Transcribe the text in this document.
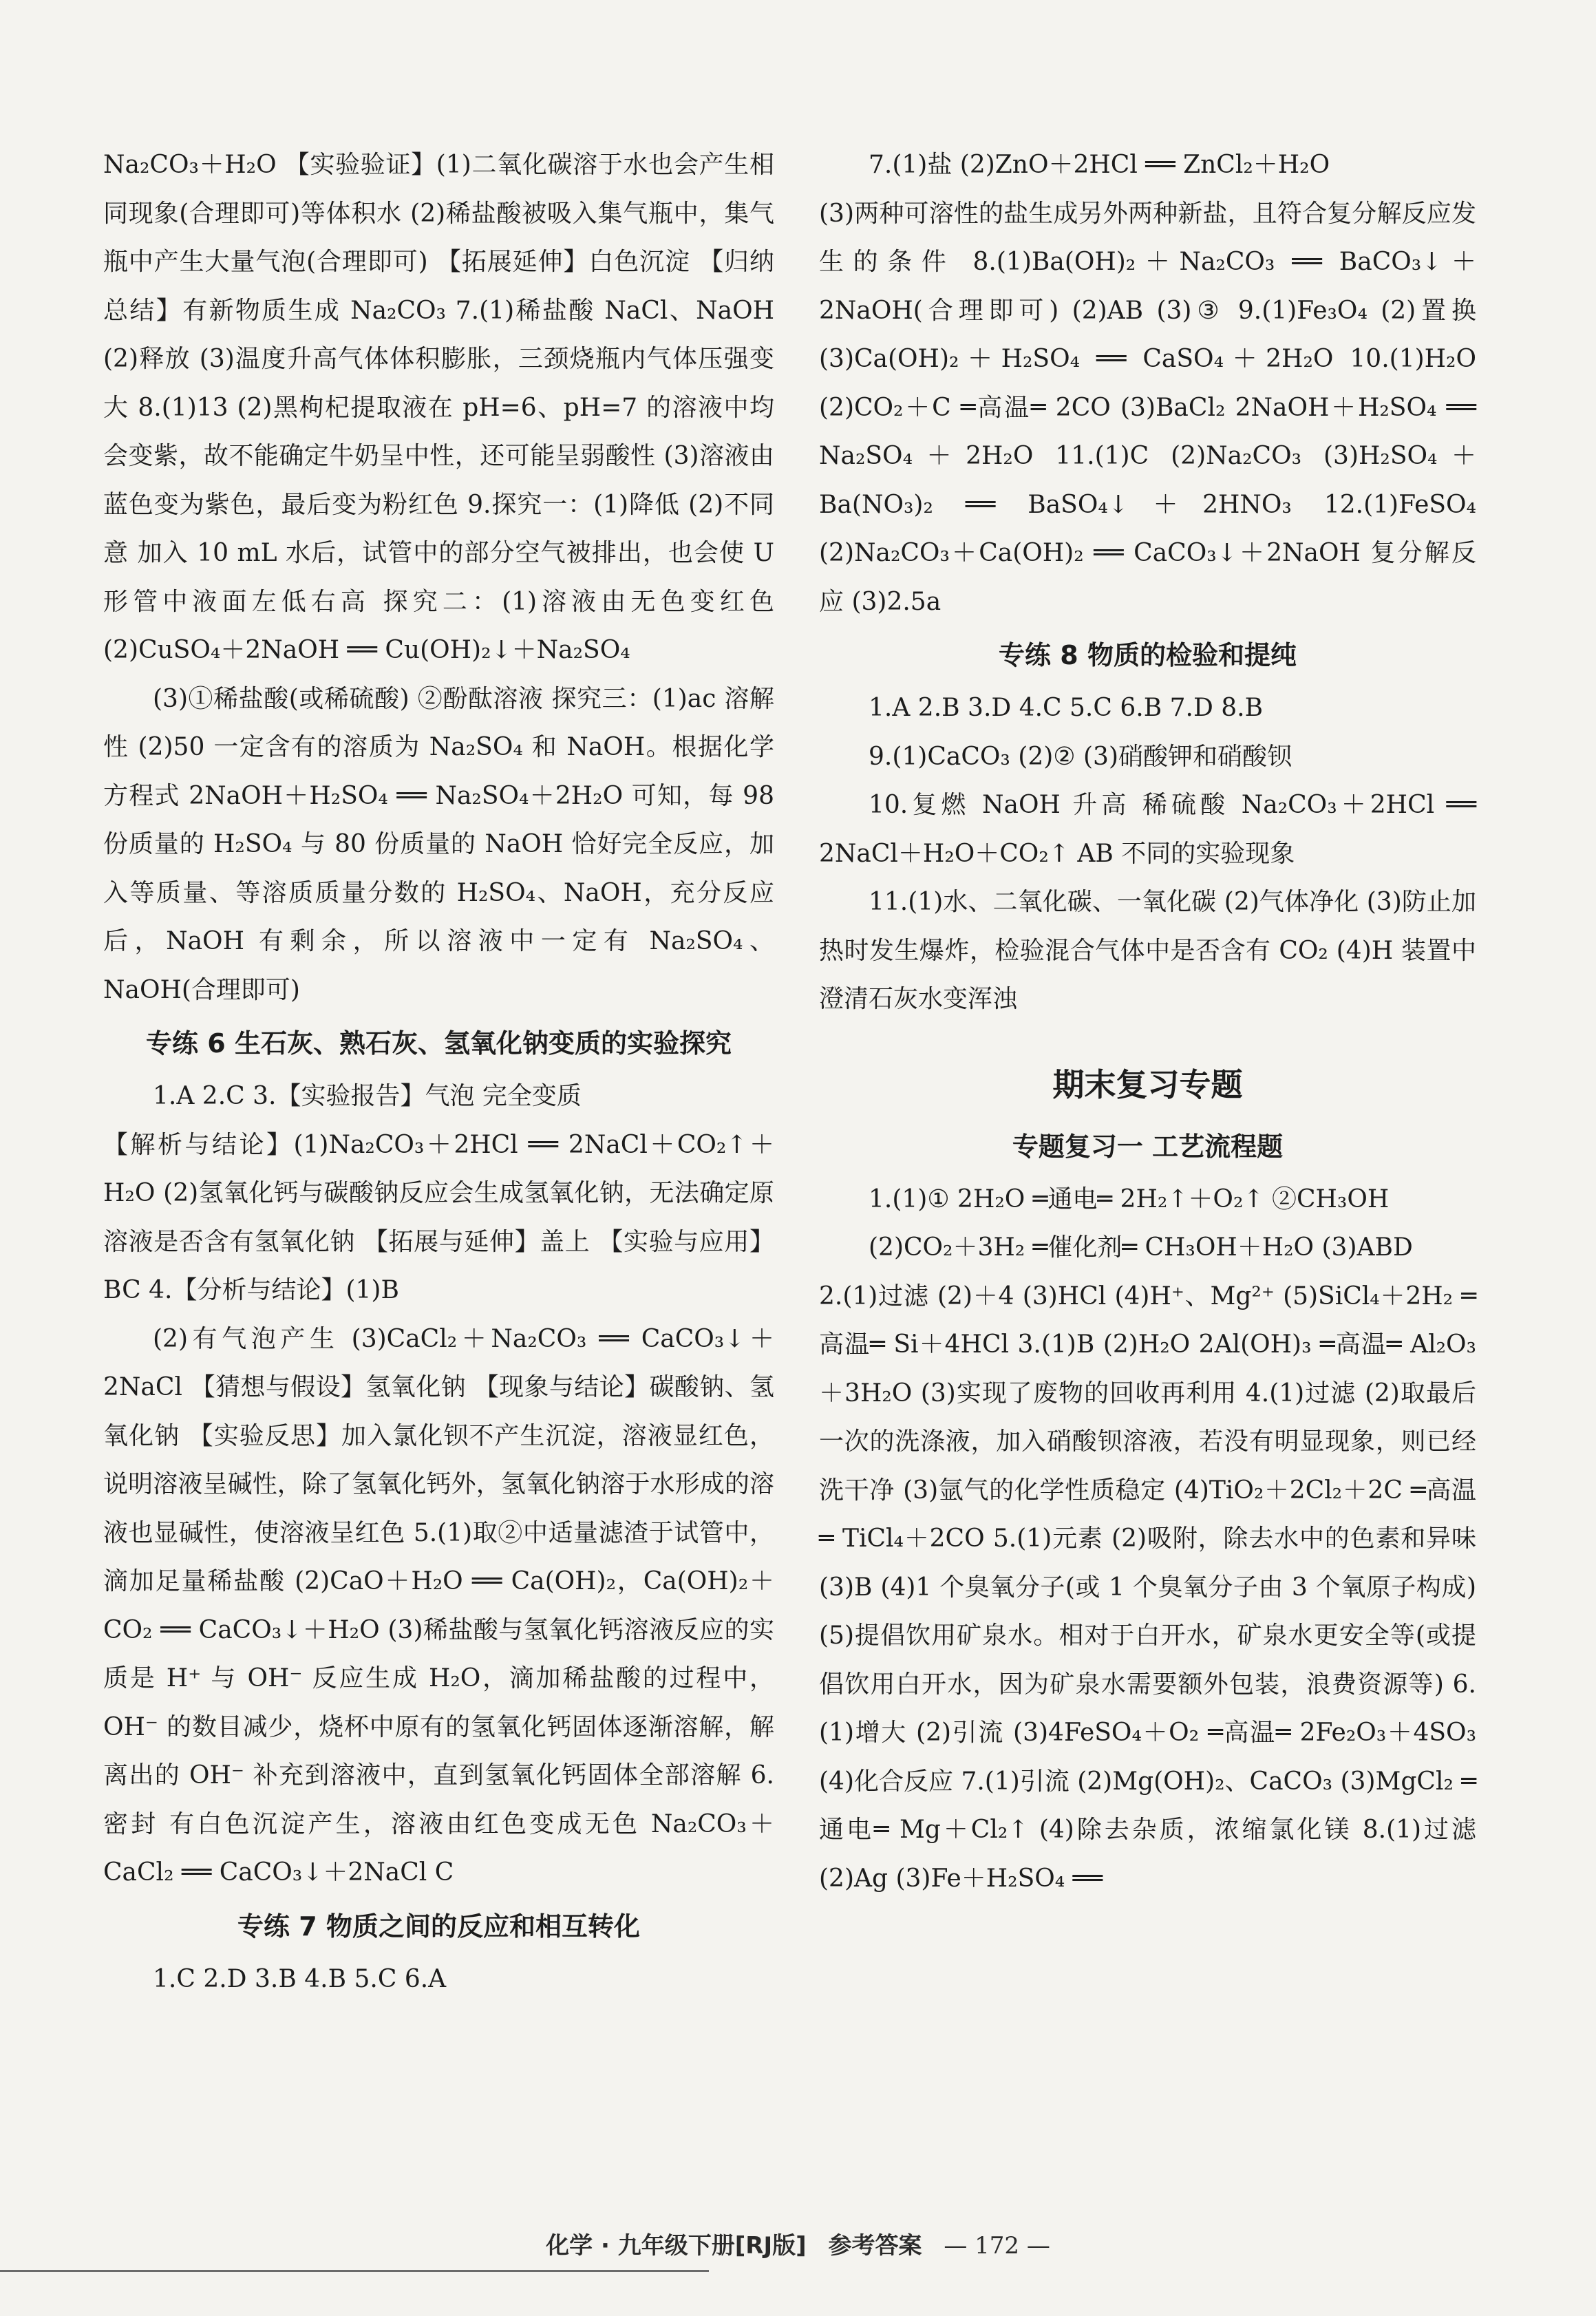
Na₂CO₃＋H₂O 【实验验证】(1)二氧化碳溶于水也会产生相同现象(合理即可)等体积水 (2)稀盐酸被吸入集气瓶中，集气瓶中产生大量气泡(合理即可) 【拓展延伸】白色沉淀 【归纳总结】有新物质生成 Na₂CO₃ 7.(1)稀盐酸 NaCl、NaOH (2)释放 (3)温度升高气体体积膨胀，三颈烧瓶内气体压强变大 8.(1)13 (2)黑枸杞提取液在 pH=6、pH=7 的溶液中均会变紫，故不能确定牛奶呈中性，还可能呈弱酸性 (3)溶液由蓝色变为紫色，最后变为粉红色 9.探究一：(1)降低 (2)不同意 加入 10 mL 水后，试管中的部分空气被排出，也会使 U 形管中液面左低右高 探究二：(1)溶液由无色变红色 (2)CuSO₄＋2NaOH ══ Cu(OH)₂↓＋Na₂SO₄

(3)①稀盐酸(或稀硫酸) ②酚酞溶液 探究三：(1)ac 溶解性 (2)50 一定含有的溶质为 Na₂SO₄ 和 NaOH。根据化学方程式 2NaOH＋H₂SO₄ ══ Na₂SO₄＋2H₂O 可知，每 98 份质量的 H₂SO₄ 与 80 份质量的 NaOH 恰好完全反应，加入等质量、等溶质质量分数的 H₂SO₄、NaOH，充分反应后，NaOH 有剩余，所以溶液中一定有 Na₂SO₄、NaOH(合理即可)

专练 6 生石灰、熟石灰、氢氧化钠变质的实验探究

1.A 2.C 3.【实验报告】气泡 完全变质

【解析与结论】(1)Na₂CO₃＋2HCl ══ 2NaCl＋CO₂↑＋H₂O (2)氢氧化钙与碳酸钠反应会生成氢氧化钠，无法确定原溶液是否含有氢氧化钠 【拓展与延伸】盖上 【实验与应用】BC 4.【分析与结论】(1)B

(2)有气泡产生 (3)CaCl₂＋Na₂CO₃ ══ CaCO₃↓＋2NaCl 【猜想与假设】氢氧化钠 【现象与结论】碳酸钠、氢氧化钠 【实验反思】加入氯化钡不产生沉淀，溶液显红色，说明溶液呈碱性，除了氢氧化钙外，氢氧化钠溶于水形成的溶液也显碱性，使溶液呈红色 5.(1)取②中适量滤渣于试管中，滴加足量稀盐酸 (2)CaO＋H₂O ══ Ca(OH)₂，Ca(OH)₂＋CO₂ ══ CaCO₃↓＋H₂O (3)稀盐酸与氢氧化钙溶液反应的实质是 H⁺ 与 OH⁻ 反应生成 H₂O，滴加稀盐酸的过程中，OH⁻ 的数目减少，烧杯中原有的氢氧化钙固体逐渐溶解，解离出的 OH⁻ 补充到溶液中，直到氢氧化钙固体全部溶解 6.密封 有白色沉淀产生，溶液由红色变成无色 Na₂CO₃＋CaCl₂ ══ CaCO₃↓＋2NaCl C

专练 7 物质之间的反应和相互转化

1.C 2.D 3.B 4.B 5.C 6.A

7.(1)盐 (2)ZnO＋2HCl ══ ZnCl₂＋H₂O

(3)两种可溶性的盐生成另外两种新盐，且符合复分解反应发生的条件 8.(1)Ba(OH)₂＋Na₂CO₃ ══ BaCO₃↓＋2NaOH(合理即可) (2)AB (3)③ 9.(1)Fe₃O₄ (2)置换 (3)Ca(OH)₂＋H₂SO₄ ══ CaSO₄＋2H₂O 10.(1)H₂O (2)CO₂＋C ═高温═ 2CO (3)BaCl₂ 2NaOH＋H₂SO₄ ══ Na₂SO₄＋2H₂O 11.(1)C (2)Na₂CO₃ (3)H₂SO₄＋Ba(NO₃)₂ ══ BaSO₄↓＋2HNO₃ 12.(1)FeSO₄ (2)Na₂CO₃＋Ca(OH)₂ ══ CaCO₃↓＋2NaOH 复分解反应 (3)2.5a

专练 8 物质的检验和提纯

1.A 2.B 3.D 4.C 5.C 6.B 7.D 8.B

9.(1)CaCO₃ (2)② (3)硝酸钾和硝酸钡

10.复燃 NaOH 升高 稀硫酸 Na₂CO₃＋2HCl ══ 2NaCl＋H₂O＋CO₂↑ AB 不同的实验现象

11.(1)水、二氧化碳、一氧化碳 (2)气体净化 (3)防止加热时发生爆炸，检验混合气体中是否含有 CO₂ (4)H 装置中澄清石灰水变浑浊

期末复习专题
专题复习一 工艺流程题

1.(1)① 2H₂O ═通电═ 2H₂↑＋O₂↑ ②CH₃OH

(2)CO₂＋3H₂ ═催化剂═ CH₃OH＋H₂O (3)ABD

2.(1)过滤 (2)＋4 (3)HCl (4)H⁺、Mg²⁺ (5)SiCl₄＋2H₂ ═高温═ Si＋4HCl 3.(1)B (2)H₂O 2Al(OH)₃ ═高温═ Al₂O₃＋3H₂O (3)实现了废物的回收再利用 4.(1)过滤 (2)取最后一次的洗涤液，加入硝酸钡溶液，若没有明显现象，则已经洗干净 (3)氩气的化学性质稳定 (4)TiO₂＋2Cl₂＋2C ═高温═ TiCl₄＋2CO 5.(1)元素 (2)吸附，除去水中的色素和异味 (3)B (4)1 个臭氧分子(或 1 个臭氧分子由 3 个氧原子构成) (5)提倡饮用矿泉水。相对于白开水，矿泉水更安全等(或提倡饮用白开水，因为矿泉水需要额外包装，浪费资源等) 6.(1)增大 (2)引流 (3)4FeSO₄＋O₂ ═高温═ 2Fe₂O₃＋4SO₃ (4)化合反应 7.(1)引流 (2)Mg(OH)₂、CaCO₃ (3)MgCl₂ ═通电═ Mg＋Cl₂↑ (4)除去杂质，浓缩氯化镁 8.(1)过滤 (2)Ag (3)Fe＋H₂SO₄ ══

化学 · 九年级下册[RJ版] 参考答案 — 172 —
